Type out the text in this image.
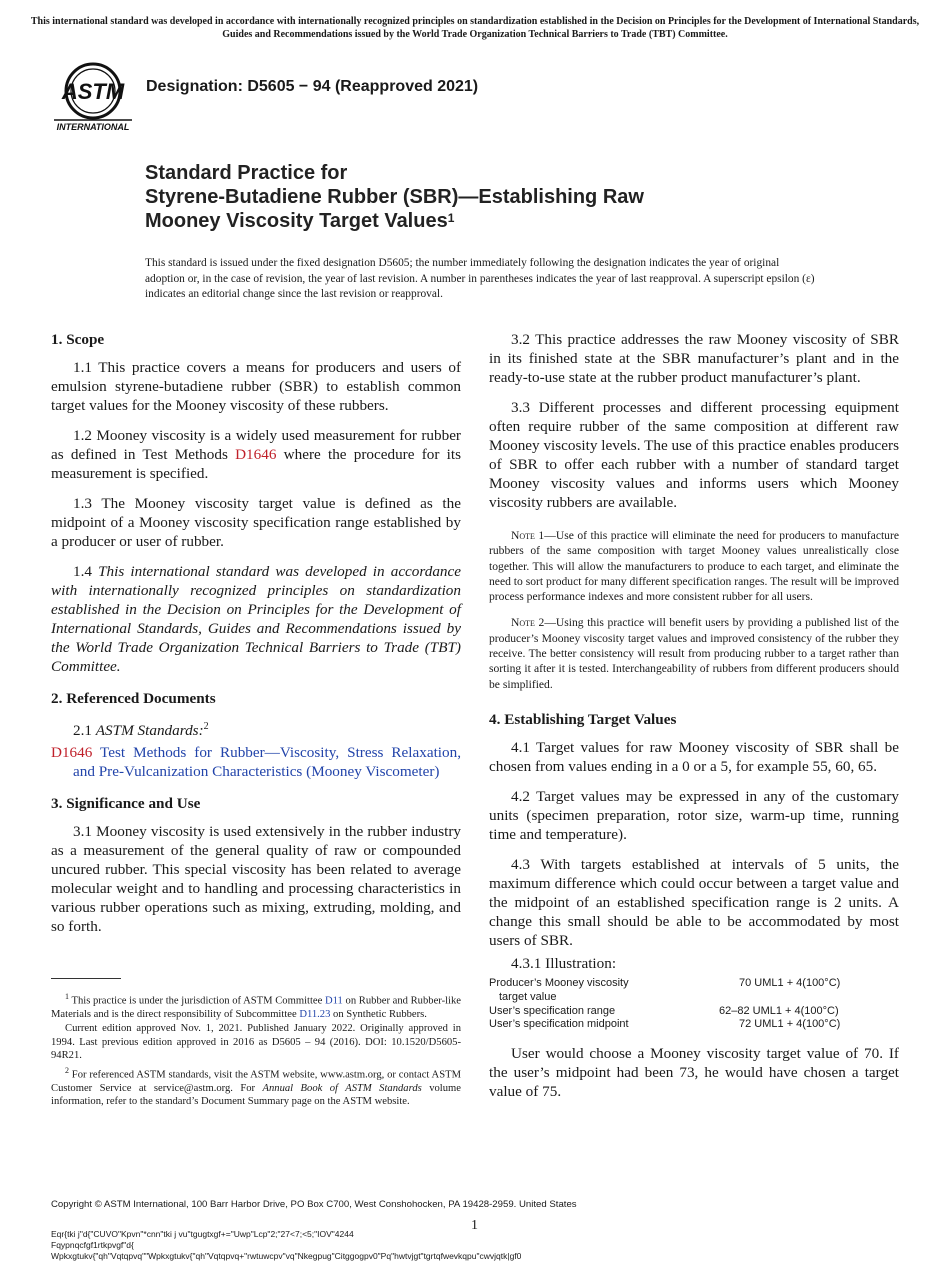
This international standard was developed in accordance with internationally recognized principles on standardization established in the Decision on Principles for the Development of International Standards, Guides and Recommendations issued by the World Trade Organization Technical Barriers to Trade (TBT) Committee.
ASTM
INTERNATIONAL
Designation: D5605 − 94 (Reapproved 2021)
Standard Practice for
Styrene-Butadiene Rubber (SBR)—Establishing Raw
Mooney Viscosity Target Values$^1$
This standard is issued under the fixed designation D5605; the number immediately following the designation indicates the year of original adoption or, in the case of revision, the year of last revision. A number in parentheses indicates the year of last reapproval. A superscript epsilon (ε) indicates an editorial change since the last revision or reapproval.
1. Scope

1.1 This practice covers a means for producers and users of emulsion styrene-butadiene rubber (SBR) to establish common target values for the Mooney viscosity of these rubbers.

1.2 Mooney viscosity is a widely used measurement for rubber as defined in Test Methods D1646 where the procedure for its measurement is specified.

1.3 The Mooney viscosity target value is defined as the midpoint of a Mooney viscosity specification range established by a producer or user of rubber.

1.4 This international standard was developed in accordance with internationally recognized principles on standardization established in the Decision on Principles for the Development of International Standards, Guides and Recommendations issued by the World Trade Organization Technical Barriers to Trade (TBT) Committee.

2. Referenced Documents

2.1 ASTM Standards:$^2$

D1646 Test Methods for Rubber—Viscosity, Stress Relaxation, and Pre-Vulcanization Characteristics (Mooney Viscometer)

3. Significance and Use

3.1 Mooney viscosity is used extensively in the rubber industry as a measurement of the general quality of raw or compounded uncured rubber. This special viscosity has been related to average molecular weight and to handling and processing characteristics in various rubber operations such as mixing, extruding, molding, and so forth.

3.2 This practice addresses the raw Mooney viscosity of SBR in its finished state at the SBR manufacturer’s plant and in the ready-to-use state at the rubber product manufacturer’s plant.

3.3 Different processes and different processing equipment often require rubber of the same composition at different raw Mooney viscosity levels. The use of this practice enables producers of SBR to offer each rubber with a number of standard target Mooney viscosity values and informs users which Mooney viscosity rubbers are available.

Note 1—Use of this practice will eliminate the need for producers to manufacture rubbers of the same composition with target Mooney values unrealistically close together. This will allow the manufacturers to produce to each target, and eliminate the need to sort product for many different specification ranges. The result will be improved process performance indexes and more consistent rubber for all users.

Note 2—Using this practice will benefit users by providing a published list of the producer’s Mooney viscosity target values and improved consistency of the rubber they receive. The better consistency will result from producing rubber to a target rather than sorting it after it is tested. Interchangeability of rubbers from different producers should be simplified.

4. Establishing Target Values

4.1 Target values for raw Mooney viscosity of SBR shall be chosen from values ending in a 0 or a 5, for example 55, 60, 65.

4.2 Target values may be expressed in any of the customary units (specimen preparation, rotor size, warm-up time, running time and temperature).

4.3 With targets established at intervals of 5 units, the maximum difference which could occur between a target value and the midpoint of an established specification range is 2 units. A change this small should be able to be accommodated by most users of SBR.

4.3.1 Illustration:

Producer’s Mooney viscosity	70 UML1 + 4(100°C)
target value
User’s specification range	62–82 UML1 + 4(100°C)
User’s specification midpoint	72 UML1 + 4(100°C)

User would choose a Mooney viscosity target value of 70. If the user’s midpoint had been 73, he would have chosen a target value of 75.

$^1$ This practice is under the jurisdiction of ASTM Committee D11 on Rubber and Rubber-like Materials and is the direct responsibility of Subcommittee D11.23 on Synthetic Rubbers.

Current edition approved Nov. 1, 2021. Published January 2022. Originally approved in 1994. Last previous edition approved in 2016 as D5605 – 94 (2016). DOI: 10.1520/D5605-94R21.

$^2$ For referenced ASTM standards, visit the ASTM website, www.astm.org, or contact ASTM Customer Service at service@astm.org. For Annual Book of ASTM Standards volume information, refer to the standard’s Document Summary page on the ASTM website.

Copyright © ASTM International, 100 Barr Harbor Drive, PO Box C700, West Conshohocken, PA 19428-2959. United States
1
Eqr{tki j"d{"CUVO"Kpvn"*cnn"tki j vu"tgugtxgf+="Uwp"Lcp"2;"27<7;<5;"IOV"4244
Fqypnqcfgf1rtkpvgf"d{
Wpkxgtukv{"qh"Vqtqpvq""Wpkxgtukv{"qh"Vqtqpvq+"rwtuwcpv"vq"Nkegpug"Citggogpv0"Pq"hwtvjgt"tgrtqfwevkqpu"cwvjqtk|gf0
